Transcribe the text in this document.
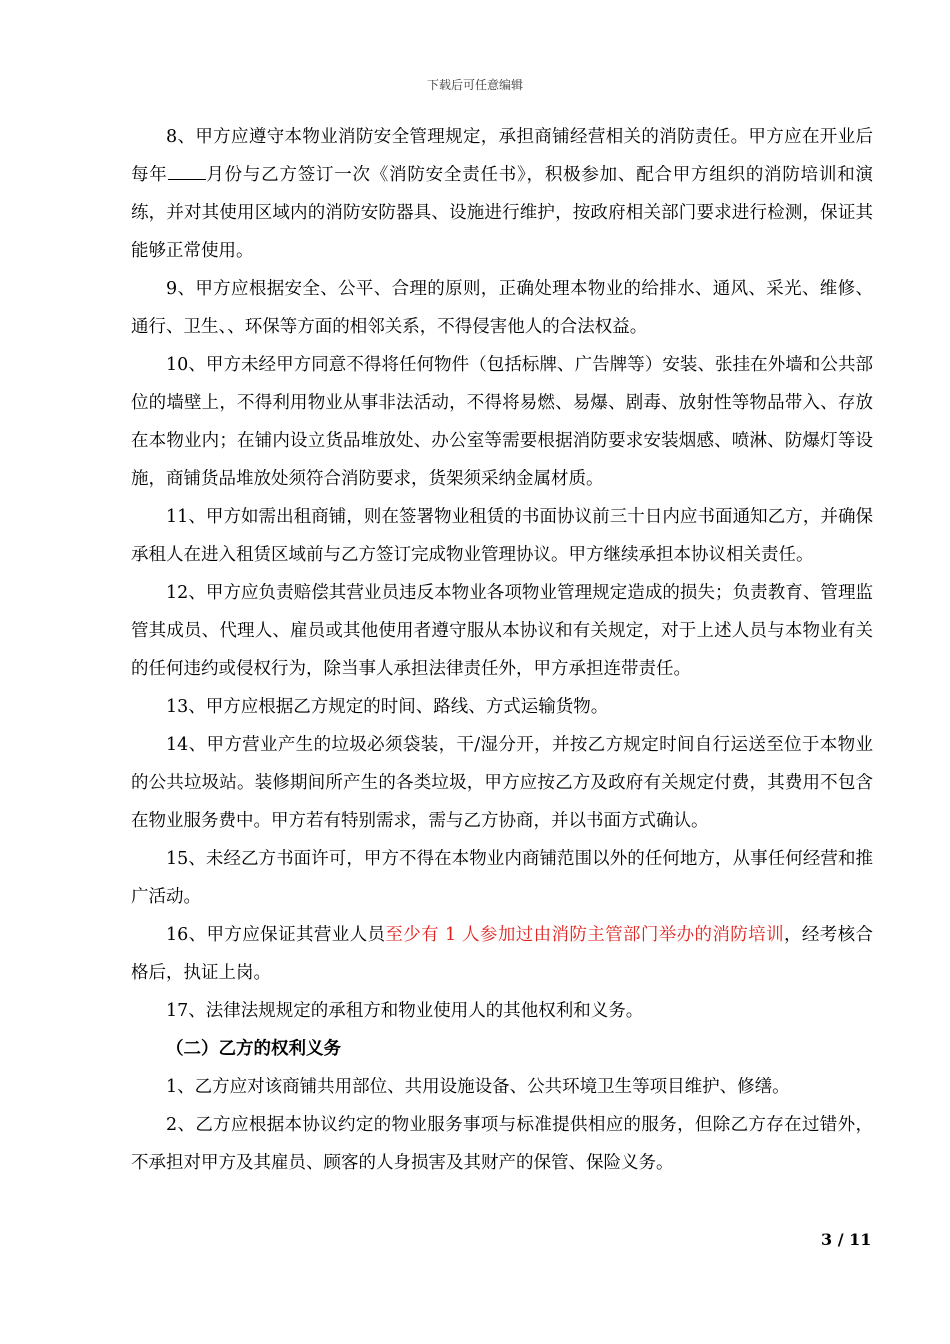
下载后可任意编辑

8、甲方应遵守本物业消防安全管理规定，承担商铺经营相关的消防责任。甲方应在开业后每年 月份与乙方签订一次《消防安全责任书》，积极参加、配合甲方组织的消防培训和演练，并对其使用区域内的消防安防器具、设施进行维护，按政府相关部门要求进行检测，保证其能够正常使用。

9、甲方应根据安全、公平、合理的原则，正确处理本物业的给排水、通风、采光、维修、通行、卫生、、环保等方面的相邻关系，不得侵害他人的合法权益。

10、甲方未经甲方同意不得将任何物件（包括标牌、广告牌等）安装、张挂在外墙和公共部位的墙壁上，不得利用物业从事非法活动，不得将易燃、易爆、剧毒、放射性等物品带入、存放在本物业内；在铺内设立货品堆放处、办公室等需要根据消防要求安装烟感、喷淋、防爆灯等设施，商铺货品堆放处须符合消防要求，货架须采纳金属材质。

11、甲方如需出租商铺，则在签署物业租赁的书面协议前三十日内应书面通知乙方，并确保承租人在进入租赁区域前与乙方签订完成物业管理协议。甲方继续承担本协议相关责任。

12、甲方应负责赔偿其营业员违反本物业各项物业管理规定造成的损失；负责教育、管理监管其成员、代理人、雇员或其他使用者遵守服从本协议和有关规定，对于上述人员与本物业有关的任何违约或侵权行为，除当事人承担法律责任外，甲方承担连带责任。

13、甲方应根据乙方规定的时间、路线、方式运输货物。

14、甲方营业产生的垃圾必须袋装，干/湿分开，并按乙方规定时间自行运送至位于本物业的公共垃圾站。装修期间所产生的各类垃圾，甲方应按乙方及政府有关规定付费，其费用不包含在物业服务费中。甲方若有特别需求，需与乙方协商，并以书面方式确认。

15、未经乙方书面许可，甲方不得在本物业内商铺范围以外的任何地方，从事任何经营和推广活动。

16、甲方应保证其营业人员至少有 1 人参加过由消防主管部门举办的消防培训，经考核合格后，执证上岗。

17、法律法规规定的承租方和物业使用人的其他权利和义务。

（二）乙方的权利义务

1、乙方应对该商铺共用部位、共用设施设备、公共环境卫生等项目维护、修缮。

2、乙方应根据本协议约定的物业服务事项与标准提供相应的服务，但除乙方存在过错外，不承担对甲方及其雇员、顾客的人身损害及其财产的保管、保险义务。

3 / 11
